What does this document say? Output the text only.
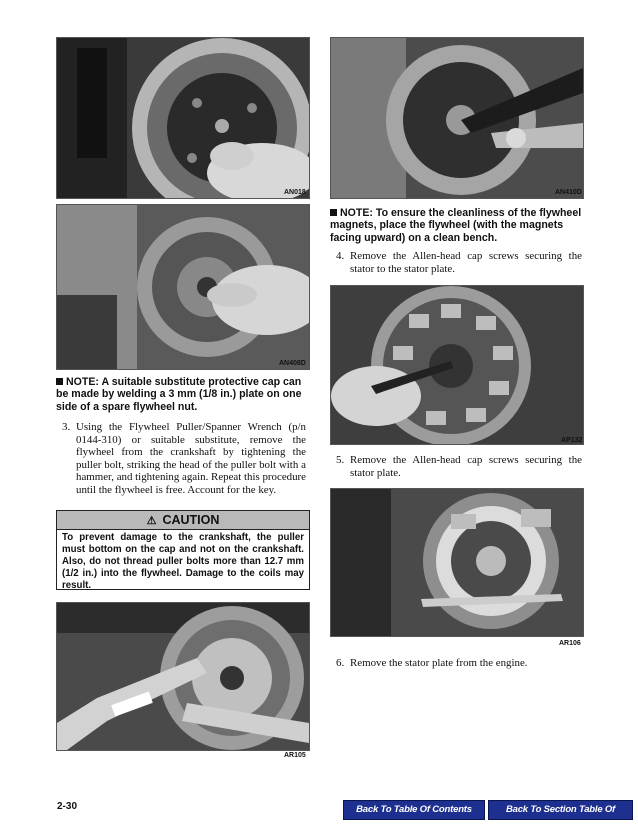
AN018
AN408D
NOTE: A suitable substitute protective cap can be made by welding a 3 mm (1/8 in.) plate on one side of a spare flywheel nut.
3. Using the Flywheel Puller/Spanner Wrench (p/n 0144-310) or suitable substitute, remove the flywheel from the crankshaft by tightening the puller bolt, striking the head of the puller bolt with a hammer, and tightening again. Repeat this procedure until the flywheel is free. Account for the key.
⚠ CAUTION
To prevent damage to the crankshaft, the puller must bottom on the cap and not on the crankshaft. Also, do not thread puller bolts more than 12.7 mm (1/2 in.) into the flywheel. Damage to the coils may result.
AR105
AN410D
NOTE: To ensure the cleanliness of the flywheel magnets, place the flywheel (with the magnets facing upward) on a clean bench.
4. Remove the Allen-head cap screws securing the stator to the stator plate.
AP132
5. Remove the Allen-head cap screws securing the stator plate.
AR106
6. Remove the stator plate from the engine.
2-30	Back To Table Of Contents	Back To Section Table Of Contents
